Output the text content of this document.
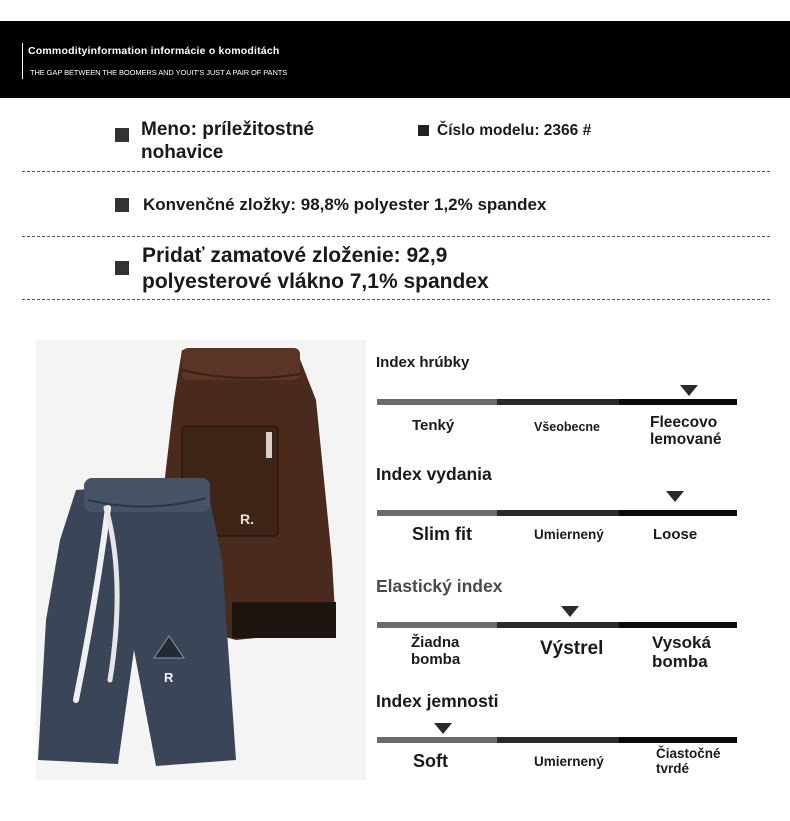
Commodityinformation informácie o komoditách
THE GAP BETWEEN THE BOOMERS AND YOUIT'S JUST A PAIR OF PANTS
Meno: príležitostné
nohavice
Číslo modelu: 2366 #
Konvenčné zložky: 98,8% polyester 1,2% spandex
Pridať zamatové zloženie: 92,9
polyesterové vlákno 7,1% spandex
R.
R
Index hrúbky
Tenký	Všeobecne	Fleecovo lemované
Index vydania
Slim fit	Umiernený	Loose
Elastický index
Žiadna bomba	Výstrel	Vysoká bomba
Index jemnosti
Soft	Umiernený
Čiastočné tvrdé
